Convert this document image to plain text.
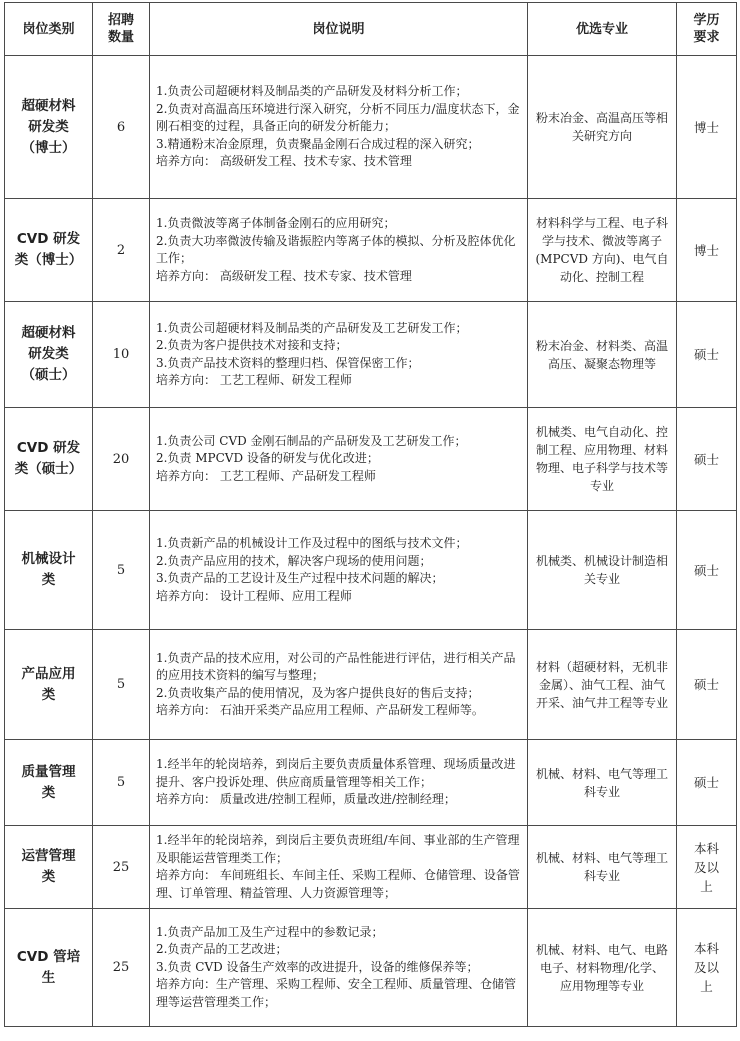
岗位类别	招聘
数量	岗位说明	优选专业	学历
要求

超硬材料
研发类
（博士）	6	1.负责公司超硬材料及制品类的产品研发及材料分析工作；
2.负责对高温高压环境进行深入研究，分析不同压力/温度状态下，金刚石相变的过程，具备正向的研发分析能力；
3.精通粉末冶金原理，负责聚晶金刚石合成过程的深入研究；
培养方向： 高级研发工程、技术专家、技术管理	粉末冶金、高温高压等相关研究方向	博士

CVD 研发
类（博士）	2	1.负责微波等离子体制备金刚石的应用研究；
2.负责大功率微波传输及谐振腔内等离子体的模拟、分析及腔体优化工作；
培养方向： 高级研发工程、技术专家、技术管理	材料科学与工程、电子科学与技术、微波等离子(MPCVD 方向)、电气自动化、控制工程	博士

超硬材料
研发类
（硕士）	10	1.负责公司超硬材料及制品类的产品研发及工艺研发工作；
2.负责为客户提供技术对接和支持；
3.负责产品技术资料的整理归档、保管保密工作；
培养方向： 工艺工程师、研发工程师	粉末冶金、材料类、高温高压、凝聚态物理等	硕士

CVD 研发
类（硕士）	20	1.负责公司 CVD 金刚石制品的产品研发及工艺研发工作；
2.负责 MPCVD 设备的研发与优化改进；
培养方向： 工艺工程师、产品研发工程师	机械类、电气自动化、控制工程、应用物理、材料物理、电子科学与技术等专业	硕士

机械设计
类	5	1.负责新产品的机械设计工作及过程中的图纸与技术文件；
2.负责产品应用的技术，解决客户现场的使用问题；
3.负责产品的工艺设计及生产过程中技术问题的解决；
培养方向： 设计工程师、应用工程师	机械类、机械设计制造相关专业	硕士

产品应用
类	5	1.负责产品的技术应用，对公司的产品性能进行评估，进行相关产品的应用技术资料的编写与整理；
2.负责收集产品的使用情况，及为客户提供良好的售后支持；
培养方向： 石油开采类产品应用工程师、产品研发工程师等。	材料（超硬材料，无机非金属）、油气工程、油气开采、油气井工程等专业	硕士

质量管理
类	5	1.经半年的轮岗培养，到岗后主要负责质量体系管理、现场质量改进提升、客户投诉处理、供应商质量管理等相关工作；
培养方向： 质量改进/控制工程师，质量改进/控制经理；	机械、材料、电气等理工科专业	硕士

运营管理
类	25	1.经半年的轮岗培养，到岗后主要负责班组/车间、事业部的生产管理及职能运营管理类工作；
培养方向： 车间班组长、车间主任、采购工程师、仓储管理、设备管理、订单管理、精益管理、人力资源管理等；	机械、材料、电气等理工科专业	本科
及以
上

CVD 管培
生	25	1.负责产品加工及生产过程中的参数记录；
2.负责产品的工艺改进；
3.负责 CVD 设备生产效率的改进提升，设备的维修保养等；
培养方向：生产管理、采购工程师、安全工程师、质量管理、仓储管理等运营管理类工作；	机械、材料、电气、电路电子、材料物理/化学、应用物理等专业	本科
及以
上
